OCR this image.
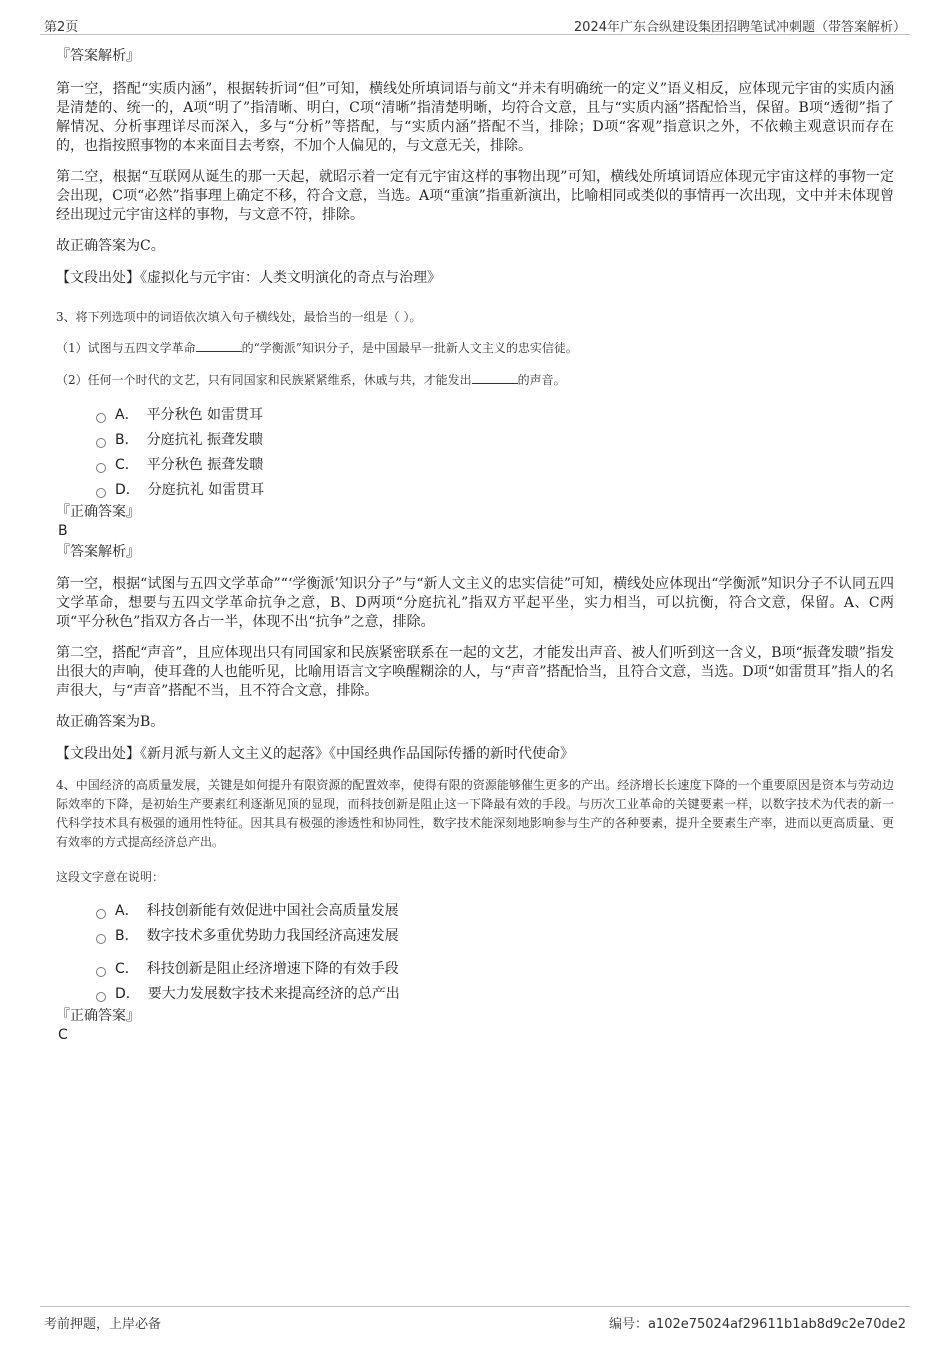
第2页	2024年广东合纵建设集团招聘笔试冲刺题（带答案解析）

『答案解析』

第一空，搭配“实质内涵”，根据转折词“但”可知，横线处所填词语与前文“并未有明确统一的定义”语义相反，应体现元宇宙的实质内涵是清楚的、统一的，A项“明了”指清晰、明白，C项“清晰”指清楚明晰，均符合文意，且与“实质内涵”搭配恰当，保留。B项“透彻”指了解情况、分析事理详尽而深入，多与“分析”等搭配，与“实质内涵”搭配不当，排除；D项“客观”指意识之外，不依赖主观意识而存在的，也指按照事物的本来面目去考察，不加个人偏见的，与文意无关，排除。

第二空，根据“互联网从诞生的那一天起，就昭示着一定有元宇宙这样的事物出现”可知，横线处所填词语应体现元宇宙这样的事物一定会出现，C项“必然”指事理上确定不移，符合文意，当选。A项“重演”指重新演出，比喻相同或类似的事情再一次出现，文中并未体现曾经出现过元宇宙这样的事物，与文意不符，排除。

故正确答案为C。

【文段出处】《虚拟化与元宇宙：人类文明演化的奇点与治理》

3、将下列选项中的词语依次填入句子横线处，最恰当的一组是（ ）。

（1）试图与五四文学革命	的“学衡派”知识分子，是中国最早一批新人文主义的忠实信徒。

（2）任何一个时代的文艺，只有同国家和民族紧紧维系，休戚与共，才能发出	的声音。

A． 平分秋色 如雷贯耳
B． 分庭抗礼 振聋发聩
C． 平分秋色 振聋发聩
D． 分庭抗礼 如雷贯耳

『正确答案』

B

『答案解析』

第一空，根据“试图与五四文学革命”“‘学衡派’知识分子”与“新人文主义的忠实信徒”可知，横线处应体现出“学衡派”知识分子不认同五四文学革命，想要与五四文学革命抗争之意，B、D两项“分庭抗礼”指双方平起平坐，实力相当，可以抗衡，符合文意，保留。A、C两项“平分秋色”指双方各占一半，体现不出“抗争”之意，排除。

第二空，搭配“声音”，且应体现出只有同国家和民族紧密联系在一起的文艺，才能发出声音、被人们听到这一含义，B项“振聋发聩”指发出很大的声响，使耳聋的人也能听见，比喻用语言文字唤醒糊涂的人，与“声音”搭配恰当，且符合文意，当选。D项“如雷贯耳”指人的名声很大，与“声音”搭配不当，且不符合文意，排除。

故正确答案为B。

【文段出处】《新月派与新人文主义的起落》《中国经典作品国际传播的新时代使命》

4、中国经济的高质量发展，关键是如何提升有限资源的配置效率，使得有限的资源能够催生更多的产出。经济增长长速度下降的一个重要原因是资本与劳动边际效率的下降，是初始生产要素红利逐渐见顶的显现，而科技创新是阻止这一下降最有效的手段。与历次工业革命的关键要素一样，以数字技术为代表的新一代科学技术具有极强的通用性特征。因其具有极强的渗透性和协同性，数字技术能深刻地影响参与生产的各种要素，提升全要素生产率，进而以更高质量、更有效率的方式提高经济总产出。

这段文字意在说明：

A． 科技创新能有效促进中国社会高质量发展
B． 数字技术多重优势助力我国经济高速发展
C． 科技创新是阻止经济增速下降的有效手段
D． 要大力发展数字技术来提高经济的总产出

『正确答案』

C

考前押题，上岸必备	编号：a102e75024af29611b1ab8d9c2e70de2
